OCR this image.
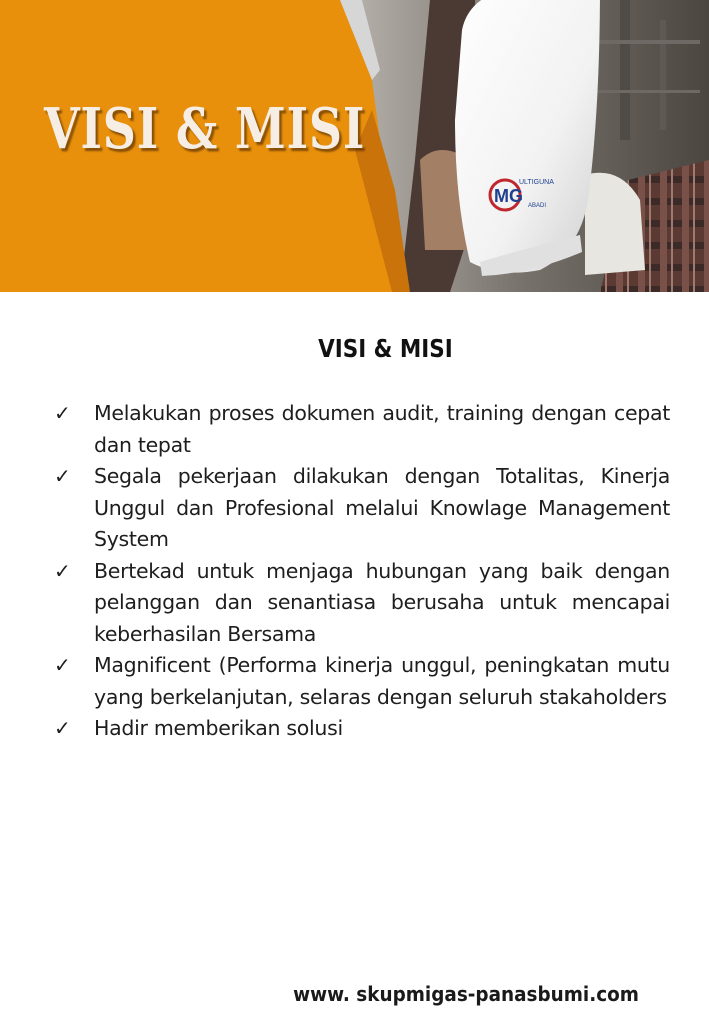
MG
ULTIGUNA
ABADI
VISI & MISI
VISI & MISI
✓ Melakukan proses dokumen audit, training dengan cepat dan tepat
✓ Segala pekerjaan dilakukan dengan Totalitas, Kinerja Unggul dan Profesional melalui Knowlage Management System
✓ Bertekad untuk menjaga hubungan yang baik dengan pelanggan dan senantiasa berusaha untuk mencapai keberhasilan Bersama
✓ Magnificent (Performa kinerja unggul, peningkatan mutu yang berkelanjutan, selaras dengan seluruh stakaholders
✓ Hadir memberikan solusi

www. skupmigas-panasbumi.com
